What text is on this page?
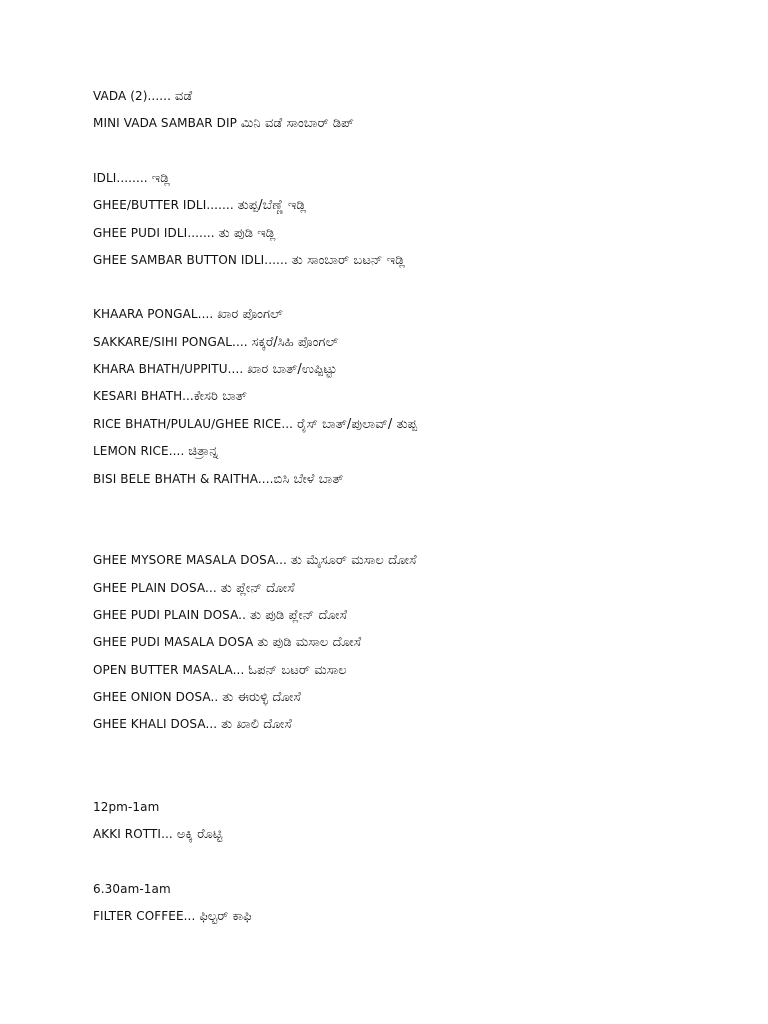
VADA (2)...... ವಡೆ
MINI VADA SAMBAR DIP ಮಿನಿ ವಡೆ ಸಾಂಬಾರ್ ಡಿಪ್
IDLI........ ಇಡ್ಲಿ
GHEE/BUTTER IDLI....... ತುಪ್ಪ/ಬೆಣ್ಣೆ ಇಡ್ಲಿ
GHEE PUDI IDLI....... ತು ಪುಡಿ ಇಡ್ಲಿ
GHEE SAMBAR BUTTON IDLI...... ತು ಸಾಂಬಾರ್ ಬಟನ್ ಇಡ್ಲಿ
KHAARA PONGAL.... ಖಾರ ಪೊಂಗಲ್
SAKKARE/SIHI PONGAL.... ಸಕ್ಕರೆ/ಸಿಹಿ ಪೊಂಗಲ್
KHARA BHATH/UPPITU.... ಖಾರ ಬಾತ್/ಉಪ್ಪಿಟ್ಟು
KESARI BHATH...ಕೇಸರಿ ಬಾತ್
RICE BHATH/PULAU/GHEE RICE... ರೈಸ್ ಬಾತ್/ಪುಲಾವ್/ ತುಪ್ಪ
LEMON RICE.... ಚಿತ್ರಾನ್ನ
BISI BELE BHATH & RAITHA....ಬಿಸಿ ಬೇಳೆ ಬಾತ್
GHEE MYSORE MASALA DOSA... ತು ಮೈಸೂರ್ ಮಸಾಲ ದೋಸೆ
GHEE PLAIN DOSA... ತು ಪ್ಲೇನ್ ದೋಸೆ
GHEE PUDI PLAIN DOSA.. ತು ಪುಡಿ ಪ್ಲೇನ್ ದೋಸೆ
GHEE PUDI MASALA DOSA ತು ಪುಡಿ ಮಸಾಲ ದೋಸೆ
OPEN BUTTER MASALA... ಓಪನ್ ಬಟರ್ ಮಸಾಲ
GHEE ONION DOSA.. ತು ಈರುಳ್ಳಿ ದೋಸೆ
GHEE KHALI DOSA... ತು ಖಾಲಿ ದೋಸೆ
12pm-1am
AKKI ROTTI... ಅಕ್ಕಿ ರೊಟ್ಟಿ
6.30am-1am
FILTER COFFEE... ಫಿಲ್ಟರ್ ಕಾಫಿ
